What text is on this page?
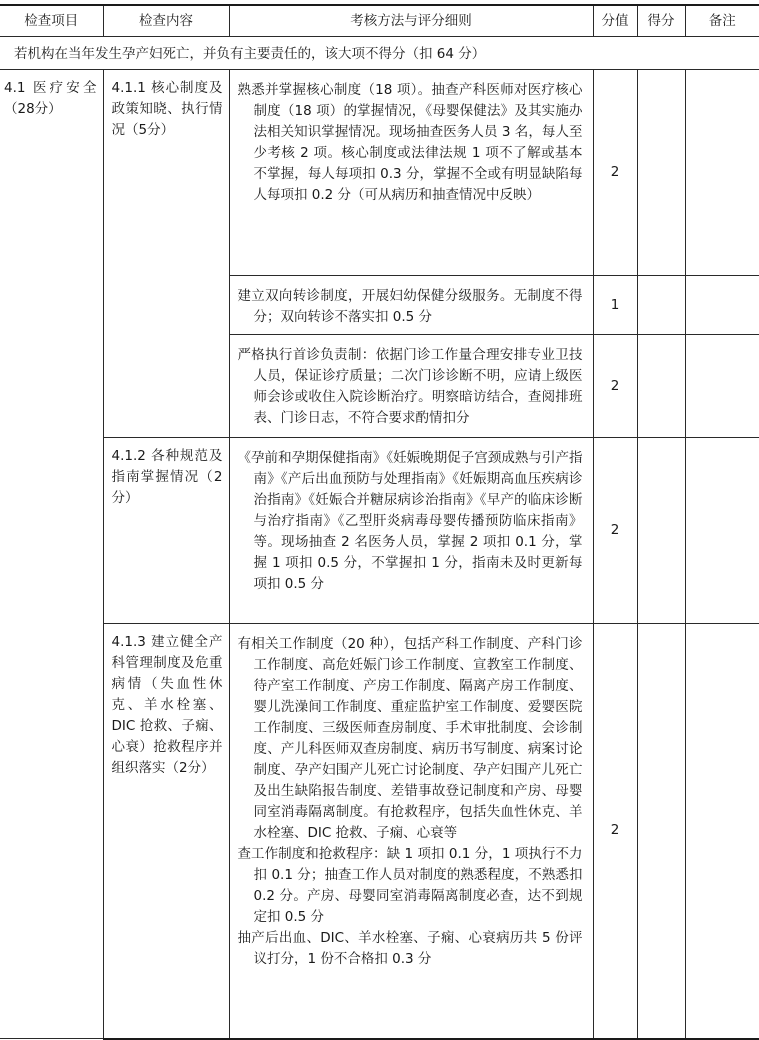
检查项目	检查内容	考核方法与评分细则	分值	得分	备注
若机构在当年发生孕产妇死亡，并负有主要责任的，该大项不得分（扣 64 分）					
4.1 医疗安全（28分）	4.1.1 核心制度及政策知晓、执行情况（5分）	熟悉并掌握核心制度（18 项）。抽查产科医师对医疗核心制度（18 项）的掌握情况，《母婴保健法》及其实施办法相关知识掌握情况。现场抽查医务人员 3 名，每人至少考核 2 项。核心制度或法律法规 1 项不了解或基本不掌握，每人每项扣 0.3 分，掌握不全或有明显缺陷每人每项扣 0.2 分（可从病历和抽查情况中反映）	2		

		建立双向转诊制度，开展妇幼保健分级服务。无制度不得分；双向转诊不落实扣 0.5 分	1		

		严格执行首诊负责制：依据门诊工作量合理安排专业卫技人员，保证诊疗质量；二次门诊诊断不明，应请上级医师会诊或收住入院诊断治疗。明察暗访结合，查阅排班表、门诊日志，不符合要求酌情扣分	2		
	4.1.2 各种规范及指南掌握情况（2分）	《孕前和孕期保健指南》《妊娠晚期促子宫颈成熟与引产指南》《产后出血预防与处理指南》《妊娠期高血压疾病诊治指南》《妊娠合并糖尿病诊治指南》《早产的临床诊断与治疗指南》《乙型肝炎病毒母婴传播预防临床指南》等。现场抽查 2 名医务人员，掌握 2 项扣 0.1 分，掌握 1 项扣 0.5 分，不掌握扣 1 分，指南未及时更新每项扣 0.5 分	2		
	4.1.3 建立健全产科管理制度及危重病情（失血性休克、羊水栓塞、DIC 抢救、子痫、心衰）抢救程序并组织落实（2分）	有相关工作制度（20 种），包括产科工作制度、产科门诊工作制度、高危妊娠门诊工作制度、宣教室工作制度、待产室工作制度、产房工作制度、隔离产房工作制度、婴儿洗澡间工作制度、重症监护室工作制度、爱婴医院工作制度、三级医师查房制度、手术审批制度、会诊制度、产儿科医师双查房制度、病历书写制度、病案讨论制度、孕产妇围产儿死亡讨论制度、孕产妇围产儿死亡及出生缺陷报告制度、差错事故登记制度和产房、母婴同室消毒隔离制度。有抢救程序，包括失血性休克、羊水栓塞、DIC 抢救、子痫、心衰等
查工作制度和抢救程序：缺 1 项扣 0.1 分，1 项执行不力扣 0.1 分；抽查工作人员对制度的熟悉程度，不熟悉扣 0.2 分。产房、母婴同室消毒隔离制度必查，达不到规定扣 0.5 分
抽产后出血、DIC、羊水栓塞、子痫、心衰病历共 5 份评议打分，1 份不合格扣 0.3 分	2		
